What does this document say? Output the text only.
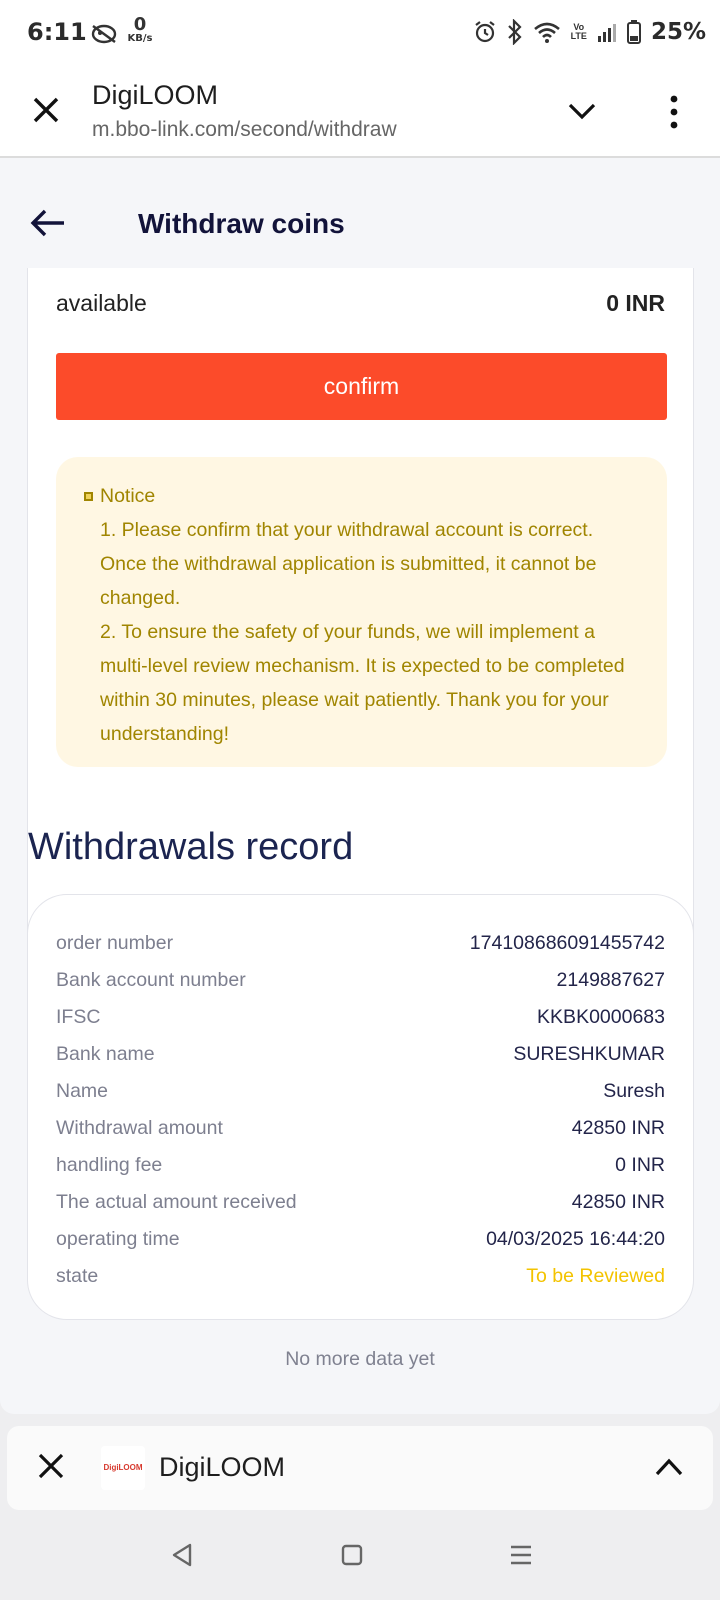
6:11	0
KB/s
Vo
LTE	25%
DigiLOOM
m.bbo-link.com/second/withdraw
Withdraw coins
available	0 INR
confirm

Notice

1. Please confirm that your withdrawal account is correct. Once the withdrawal application is submitted, it cannot be changed.

2. To ensure the safety of your funds, we will implement a multi-level review mechanism. It is expected to be completed within 30 minutes, please wait patiently. Thank you for your understanding!

Withdrawals record
order number	174108686091455742
Bank account number	2149887627
IFSC	KKBK0000683
Bank name	SURESHKUMAR
Name	Suresh
Withdrawal amount	42850 INR
handling fee	0 INR
The actual amount received	42850 INR
operating time	04/03/2025 16:44:20
state	To be Reviewed
No more data yet
DigiLOOM DigiLOOM
